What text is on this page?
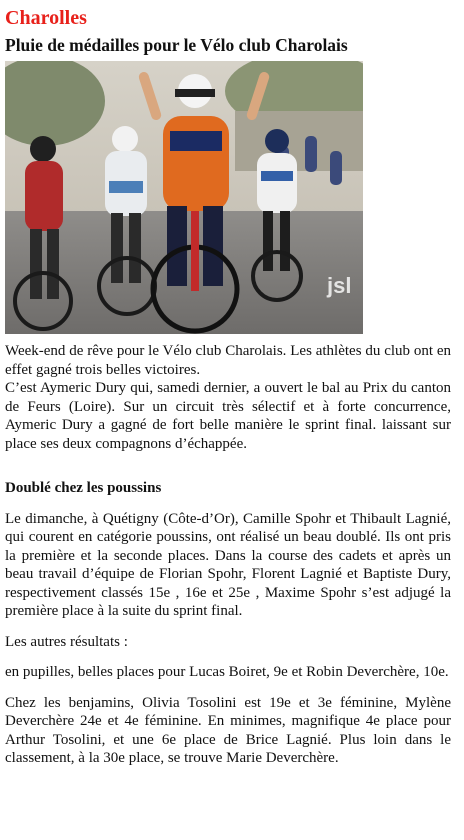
Charolles
Pluie de médailles pour le Vélo club Charolais
jsl

Week-end de rêve pour le Vélo club Charolais. Les athlètes du club ont en effet gagné trois belles victoires.

C’est Aymeric Dury qui, samedi dernier, a ouvert le bal au Prix du canton de Feurs (Loire). Sur un circuit très sélectif et à forte concurrence, Aymeric Dury a gagné de fort belle manière le sprint final. laissant sur place ses deux compagnons d’échappée.

Doublé chez les poussins

Le dimanche, à Quétigny (Côte-d’Or), Camille Spohr et Thibault Lagnié, qui courent en catégorie poussins, ont réalisé un beau doublé. Ils ont pris la première et la seconde places. Dans la course des cadets et après un beau travail d’équipe de Florian Spohr, Florent Lagnié et Baptiste Dury, respectivement classés 15e , 16e et 25e , Maxime Spohr s’est adjugé la première place à la suite du sprint final.

Les autres résultats :

en pupilles, belles places pour Lucas Boiret, 9e et Robin Deverchère, 10e.

Chez les benjamins, Olivia Tosolini est 19e et 3e féminine, Mylène Deverchère 24e et 4e féminine. En minimes, magnifique 4e place pour Arthur Tosolini, et une 6e place de Brice Lagnié. Plus loin dans le classement, à la 30e place, se trouve Marie Deverchère.
